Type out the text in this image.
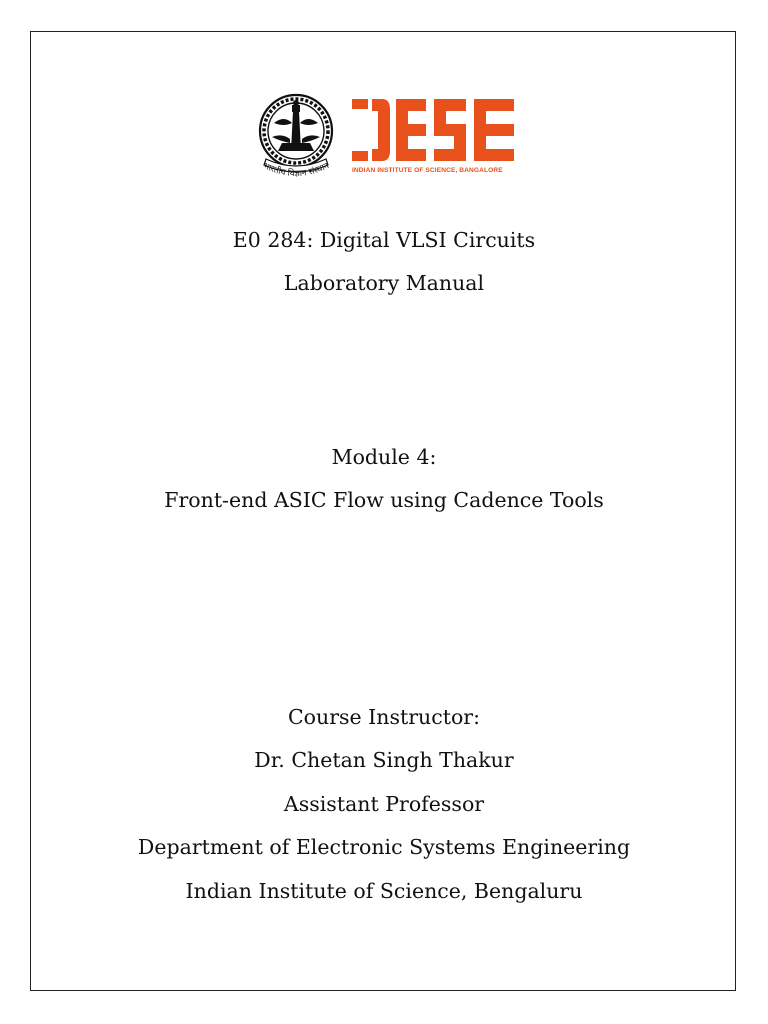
भारतीय विज्ञान संस्थान	INDIAN INSTITUTE OF SCIENCE, BANGALORE
E0 284: Digital VLSI Circuits
Laboratory Manual
Module 4:
Front-end ASIC Flow using Cadence Tools
Course Instructor:
Dr. Chetan Singh Thakur
Assistant Professor
Department of Electronic Systems Engineering
Indian Institute of Science, Bengaluru
